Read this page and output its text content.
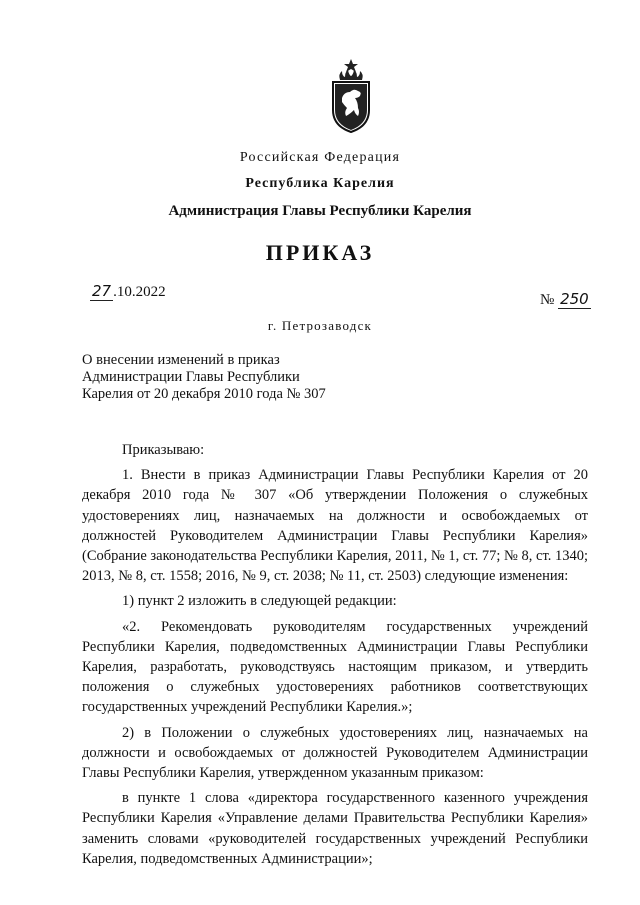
Российская Федерация
Республика Карелия
Администрация Главы Республики Карелия
ПРИКАЗ
27 .10.2022	№ 250
г. Петрозаводск
О внесении изменений в приказ
Администрации Главы Республики
Карелия от 20 декабря 2010 года № 307

Приказываю:

1. Внести в приказ Администрации Главы Республики Карелия от 20 декабря 2010 года № 307 «Об утверждении Положения о служебных удостоверениях лиц, назначаемых на должности и освобождаемых от должностей Руководителем Администрации Главы Республики Карелия» (Собрание законодательства Республики Карелия, 2011, № 1, ст. 77; № 8, ст. 1340; 2013, № 8, ст. 1558; 2016, № 9, ст. 2038; № 11, ст. 2503) следующие изменения:

1) пункт 2 изложить в следующей редакции:

«2. Рекомендовать руководителям государственных учреждений Республики Карелия, подведомственных Администрации Главы Республики Карелия, разработать, руководствуясь настоящим приказом, и утвердить положения о служебных удостоверениях работников соответствующих государственных учреждений Республики Карелия.»;

2) в Положении о служебных удостоверениях лиц, назначаемых на должности и освобождаемых от должностей Руководителем Администрации Главы Республики Карелия, утвержденном указанным приказом:

в пункте 1 слова «директора государственного казенного учреждения Республики Карелия «Управление делами Правительства Республики Карелия» заменить словами «руководителей государственных учреждений Республики Карелия, подведомственных Администрации»;
